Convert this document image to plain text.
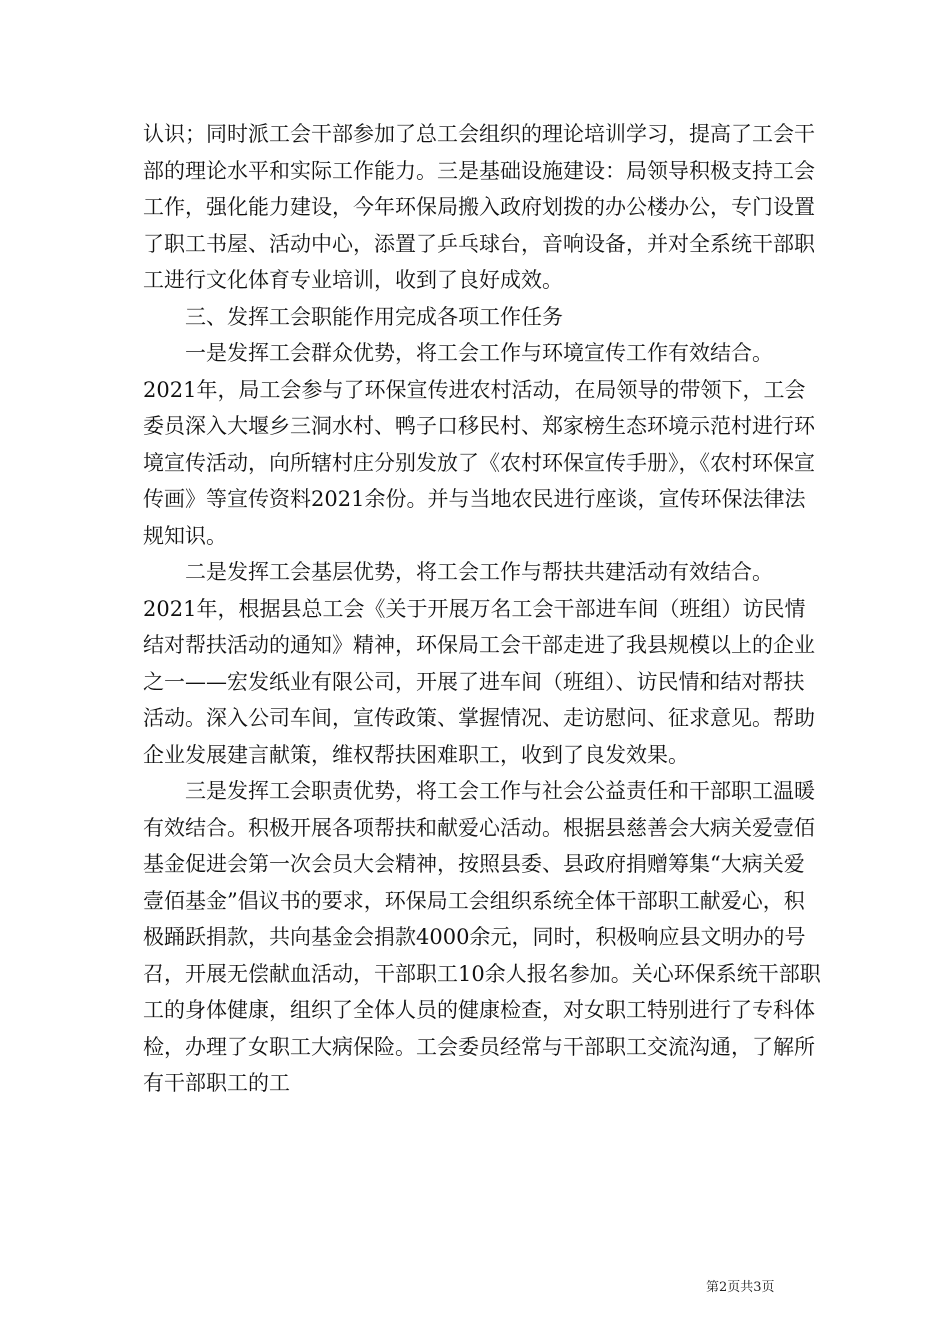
认识；同时派工会干部参加了总工会组织的理论培训学习，提高了工会干部的理论水平和实际工作能力。三是基础设施建设：局领导积极支持工会工作，强化能力建设，今年环保局搬入政府划拨的办公楼办公，专门设置了职工书屋、活动中心，添置了乒乓球台，音响设备，并对全系统干部职工进行文化体育专业培训，收到了良好成效。

三、发挥工会职能作用完成各项工作任务

一是发挥工会群众优势，将工会工作与环境宣传工作有效结合。2021年，局工会参与了环保宣传进农村活动，在局领导的带领下，工会委员深入大堰乡三洞水村、鸭子口移民村、郑家榜生态环境示范村进行环境宣传活动，向所辖村庄分别发放了《农村环保宣传手册》，《农村环保宣传画》等宣传资料2021余份。并与当地农民进行座谈，宣传环保法律法规知识。

二是发挥工会基层优势，将工会工作与帮扶共建活动有效结合。2021年，根据县总工会《关于开展万名工会干部进车间（班组）访民情结对帮扶活动的通知》精神，环保局工会干部走进了我县规模以上的企业之一——宏发纸业有限公司，开展了进车间（班组）、访民情和结对帮扶活动。深入公司车间，宣传政策、掌握情况、走访慰问、征求意见。帮助企业发展建言献策，维权帮扶困难职工，收到了良发效果。

三是发挥工会职责优势，将工会工作与社会公益责任和干部职工温暖有效结合。积极开展各项帮扶和献爱心活动。根据县慈善会大病关爱壹佰基金促进会第一次会员大会精神，按照县委、县政府捐赠筹集“大病关爱壹佰基金”倡议书的要求，环保局工会组织系统全体干部职工献爱心，积极踊跃捐款，共向基金会捐款4000余元，同时，积极响应县文明办的号召，开展无偿献血活动，干部职工10余人报名参加。关心环保系统干部职工的身体健康，组织了全体人员的健康检查，对女职工特别进行了专科体检，办理了女职工大病保险。工会委员经常与干部职工交流沟通，了解所有干部职工的工

第2页共3页
